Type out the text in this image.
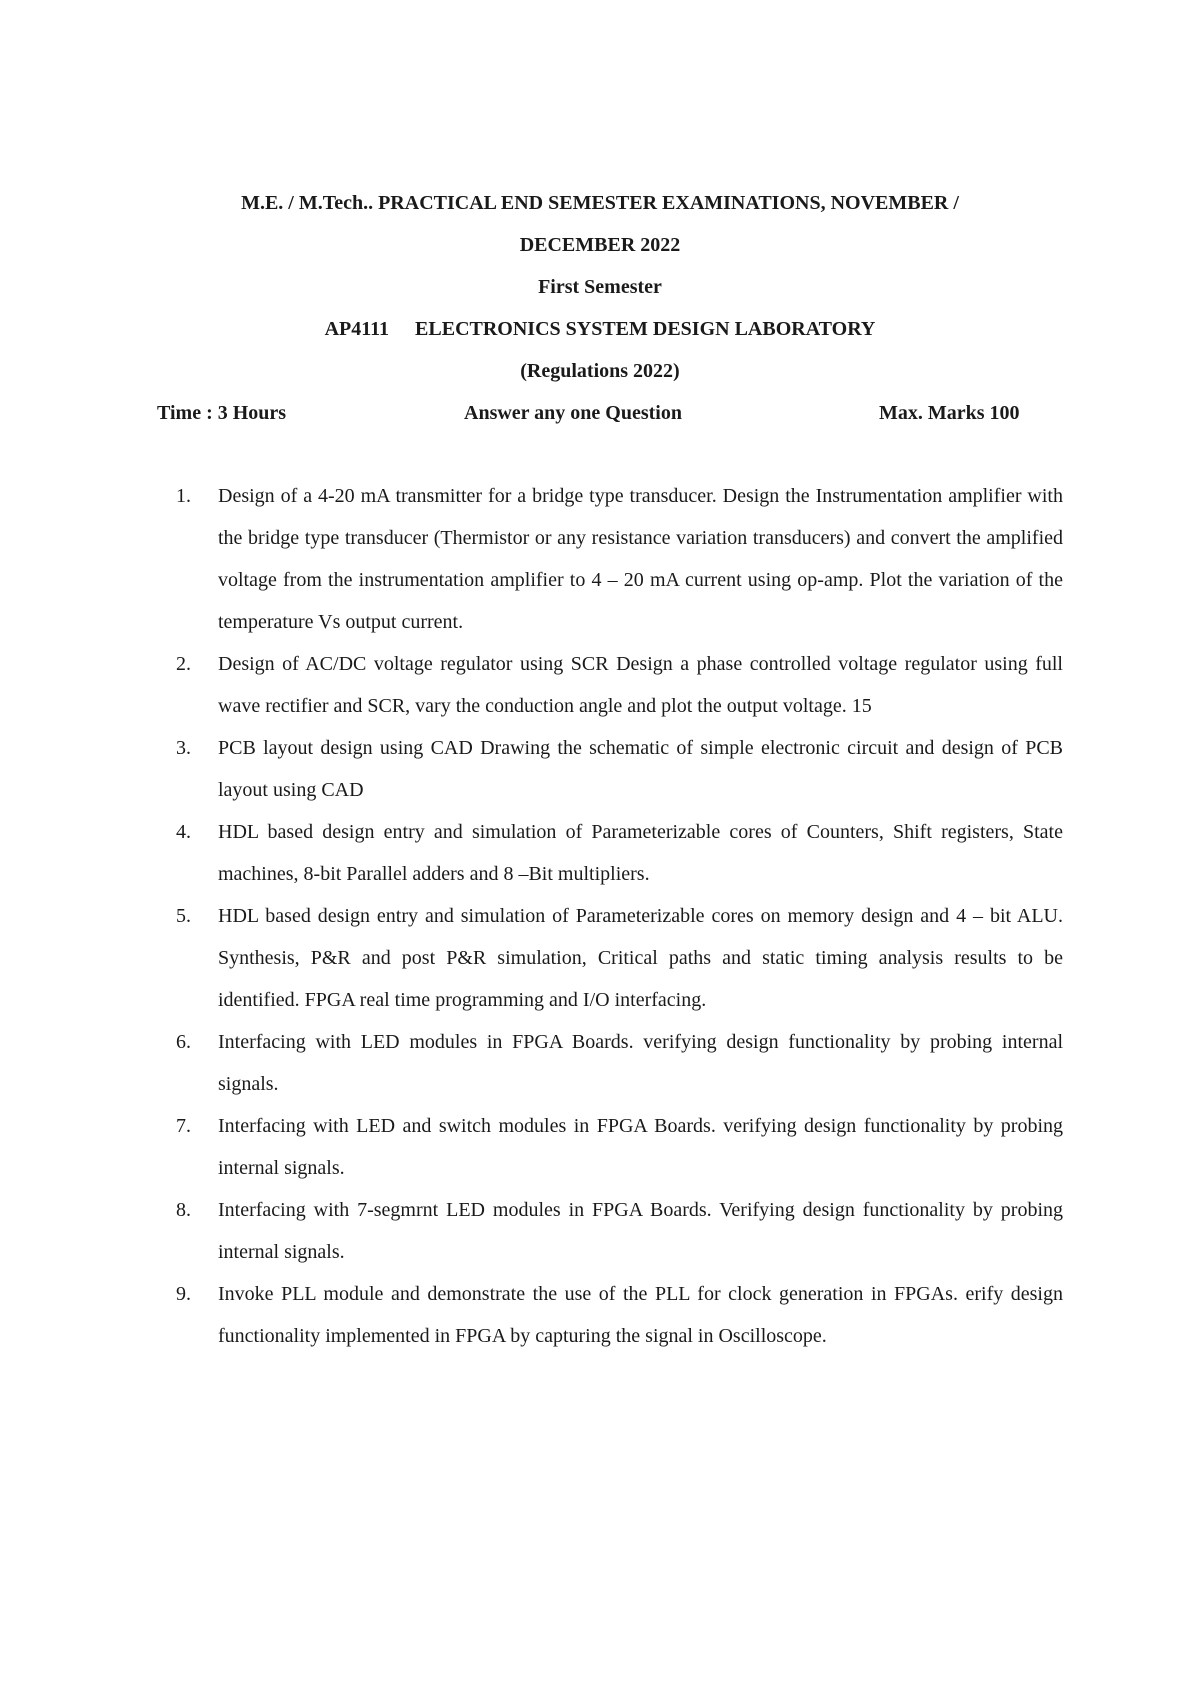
M.E. / M.Tech.. PRACTICAL END SEMESTER EXAMINATIONS, NOVEMBER /
DECEMBER 2022
First Semester
AP4111 ELECTRONICS SYSTEM DESIGN LABORATORY
(Regulations 2022)
Time : 3 Hours	Answer any one Question	Max. Marks 100
1.	Design of a 4-20 mA transmitter for a bridge type transducer. Design the Instrumentation amplifier with the bridge type transducer (Thermistor or any resistance variation transducers) and convert the amplified voltage from the instrumentation amplifier to 4 – 20 mA current using op-amp. Plot the variation of the temperature Vs output current.
2.	Design of AC/DC voltage regulator using SCR Design a phase controlled voltage regulator using full wave rectifier and SCR, vary the conduction angle and plot the output voltage. 15
3.	PCB layout design using CAD Drawing the schematic of simple electronic circuit and design of PCB layout using CAD
4.	HDL based design entry and simulation of Parameterizable cores of Counters, Shift registers, State machines, 8-bit Parallel adders and 8 –Bit multipliers.
5.	HDL based design entry and simulation of Parameterizable cores on memory design and 4 – bit ALU. Synthesis, P&R and post P&R simulation, Critical paths and static timing analysis results to be identified. FPGA real time programming and I/O interfacing.
6.	Interfacing with LED modules in FPGA Boards. verifying design functionality by probing internal signals.
7.	Interfacing with LED and switch modules in FPGA Boards. verifying design functionality by probing internal signals.
8.	Interfacing with 7-segmrnt LED modules in FPGA Boards. Verifying design functionality by probing internal signals.
9.	Invoke PLL module and demonstrate the use of the PLL for clock generation in FPGAs. erify design functionality implemented in FPGA by capturing the signal in Oscilloscope.
